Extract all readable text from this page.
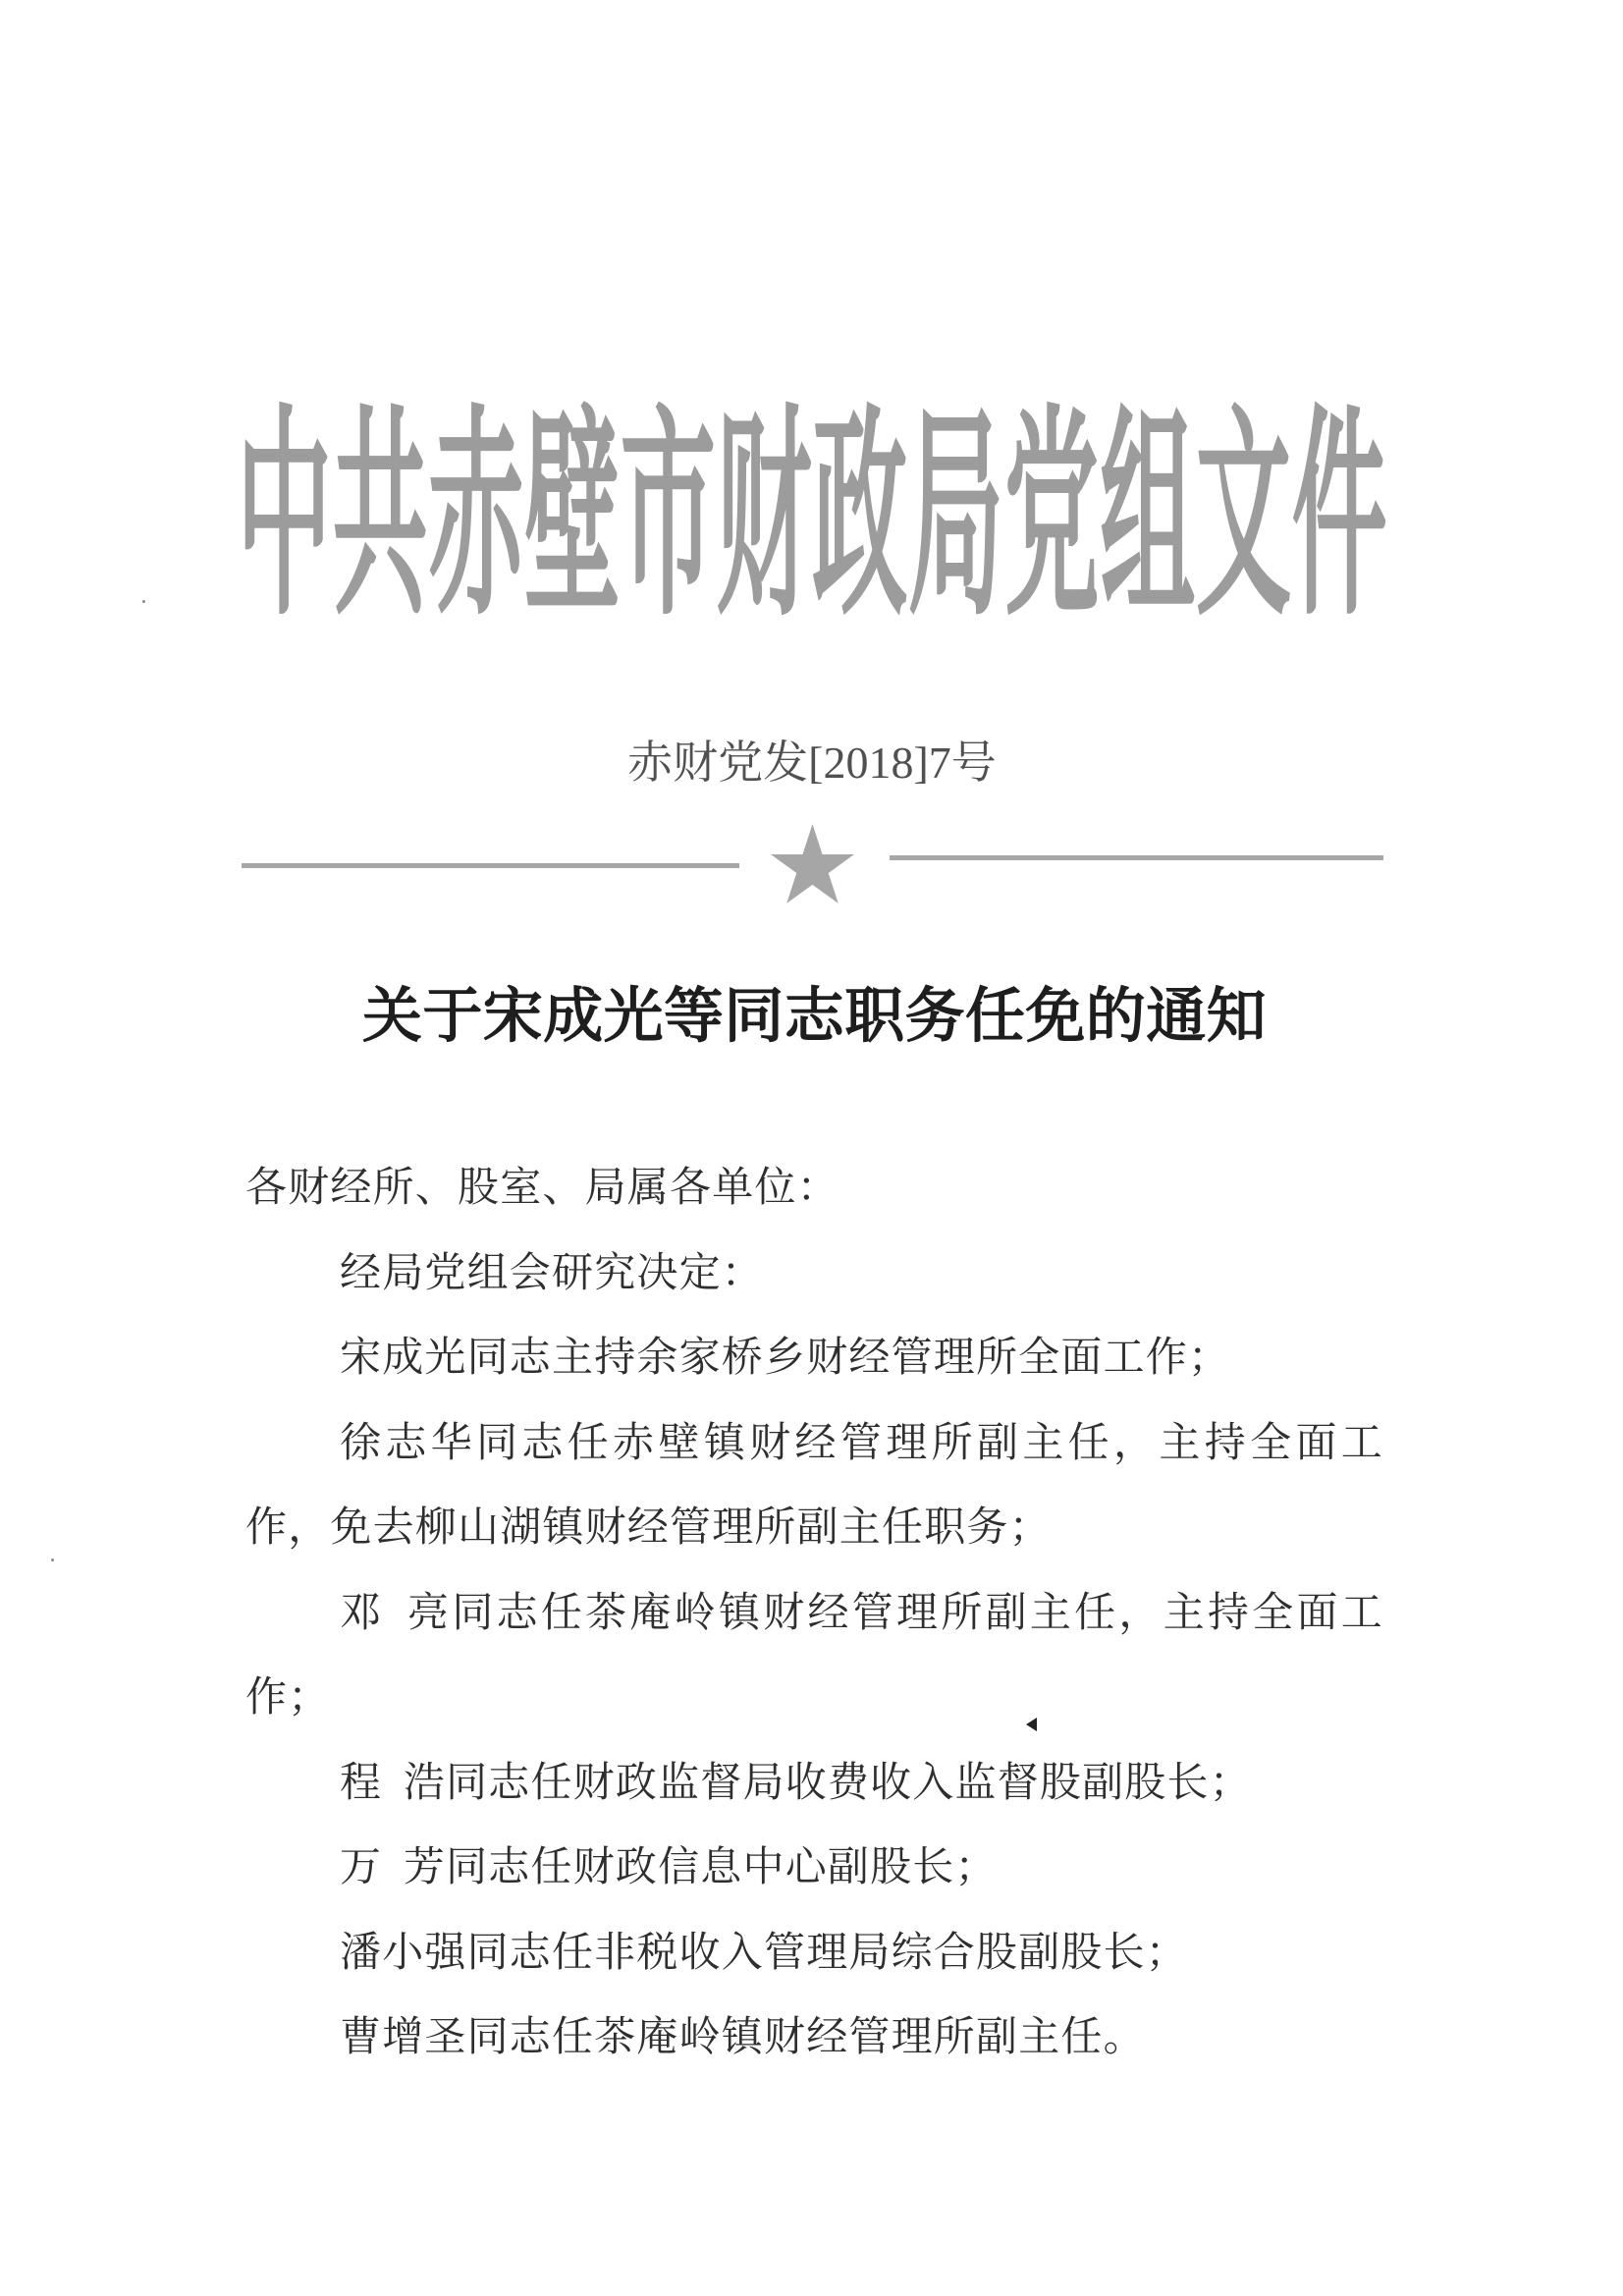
中共赤壁市财政局党组文件
赤财党发[2018]7号
关于宋成光等同志职务任免的通知
各财经所、股室、局属各单位：
经局党组会研究决定：
宋成光同志主持余家桥乡财经管理所全面工作；
徐志华同志任赤壁镇财经管理所副主任，主持全面工
作，免去柳山湖镇财经管理所副主任职务；
邓 亮同志任茶庵岭镇财经管理所副主任，主持全面工
作；
程 浩同志任财政监督局收费收入监督股副股长；
万 芳同志任财政信息中心副股长；
潘小强同志任非税收入管理局综合股副股长；
曹增圣同志任茶庵岭镇财经管理所副主任。
